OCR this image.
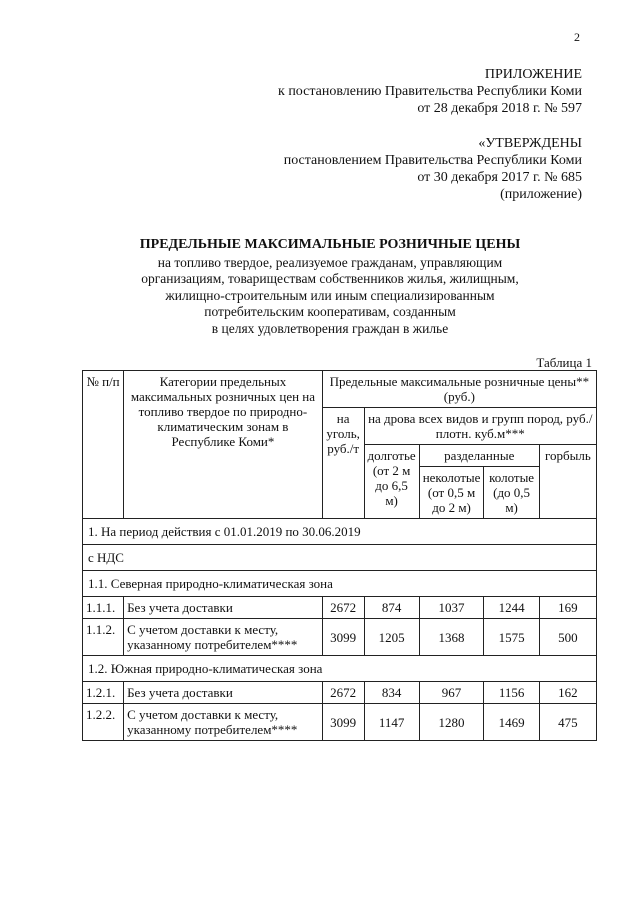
2
ПРИЛОЖЕНИЕ
к постановлению Правительства Республики Коми
от 28 декабря 2018 г. № 597
«УТВЕРЖДЕНЫ
постановлением Правительства Республики Коми
от 30 декабря 2017 г. № 685
(приложение)
ПРЕДЕЛЬНЫЕ МАКСИМАЛЬНЫЕ РОЗНИЧНЫЕ ЦЕНЫ
на топливо твердое, реализуемое гражданам, управляющим
организациям, товариществам собственников жилья, жилищным,
жилищно-строительным или иным специализированным
потребительским кооперативам, созданным
в целях удовлетворения граждан в жилье
Таблица 1
№ п/п	Категории предельных максимальных розничных цен на топливо твердое по природно-климатическим зонам в Республике Коми*	Предельные максимальные розничные цены** (руб.)				
		на уголь, руб./т	на дрова всех видов и групп пород, руб./плотн. куб.м***			
			долготье (от 2 м до 6,5 м)	разделанные		горбыль
				неколотые (от 0,5 м до 2 м)	колотые (до 0,5 м)	
1. На период действия с 01.01.2019 по 30.06.2019						
с НДС						
1.1. Северная природно-климатическая зона						
1.1.1.	Без учета доставки	2672	874	1037	1244	169
1.1.2.	С учетом доставки к месту, указанному потребителем****	3099	1205	1368	1575	500
1.2. Южная природно-климатическая зона						
1.2.1.	Без учета доставки	2672	834	967	1156	162
1.2.2.	С учетом доставки к месту, указанному потребителем****	3099	1147	1280	1469	475
